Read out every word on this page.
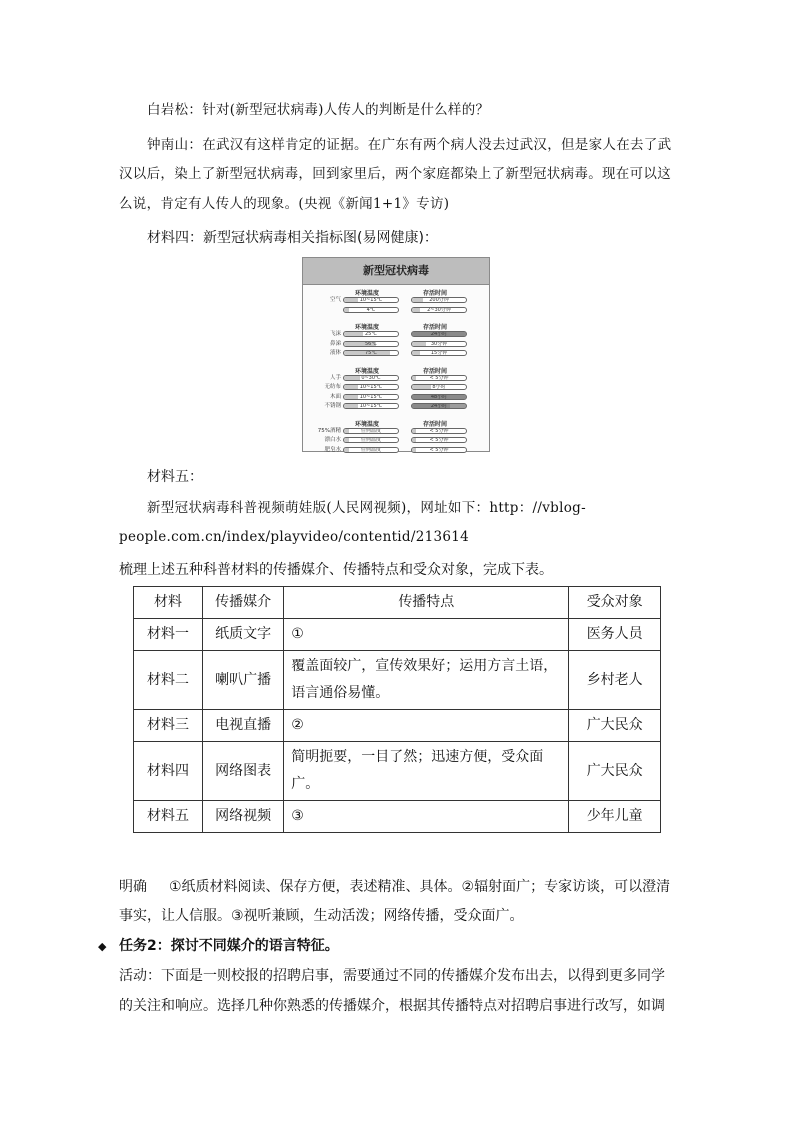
白岩松：针对(新型冠状病毒)人传人的判断是什么样的？
钟南山：在武汉有这样肯定的证据。在广东有两个病人没去过武汉，但是家人在去了武
汉以后，染上了新型冠状病毒，回到家里后，两个家庭都染上了新型冠状病毒。现在可以这
么说，肯定有人传人的现象。(央视《新闻1+1》专访)
材料四：新型冠状病毒相关指标图(易网健康)：
新型冠状病毒
环境温度	存活时间
空气	10~15℃	200分钟
4℃	2~30分钟
环境温度	存活时间
飞沫	25℃	24小时
鼻涕	56℃	30分钟
液体	75℃	15分钟
环境温度	存活时间
人手	0~30℃	< 5分钟
无纺布	10~15℃	8小时
木面	10~15℃	48小时
不锈钢	10~15℃	24小时
环境温度	存活时间
75%酒精	任何温度	< 5分钟
漂白水	任何温度	< 5分钟
肥皂水	任何温度	< 5分钟
材料五：
新型冠状病毒科普视频萌娃版(人民网视频)，网址如下：http：//vblog-
people.com.cn/index/playvideo/contentid/213614
梳理上述五种科普材料的传播媒介、传播特点和受众对象，完成下表。
材料	传播媒介	传播特点	受众对象
材料一	纸质文字	①	医务人员
材料二	喇叭广播	覆盖面较广，宣传效果好；运用方言土语，语言通俗易懂。	乡村老人
材料三	电视直播	②	广大民众
材料四	网络图表	简明扼要，一目了然；迅速方便，受众面广。	广大民众
材料五	网络视频	③	少年儿童
明确 ①纸质材料阅读、保存方便，表述精准、具体。②辐射面广；专家访谈，可以澄清
事实，让人信服。③视听兼顾，生动活泼；网络传播，受众面广。
◆ 任务2：探讨不同媒介的语言特征。
活动：下面是一则校报的招聘启事，需要通过不同的传播媒介发布出去，以得到更多同学
的关注和响应。选择几种你熟悉的传播媒介，根据其传播特点对招聘启事进行改写，如调
